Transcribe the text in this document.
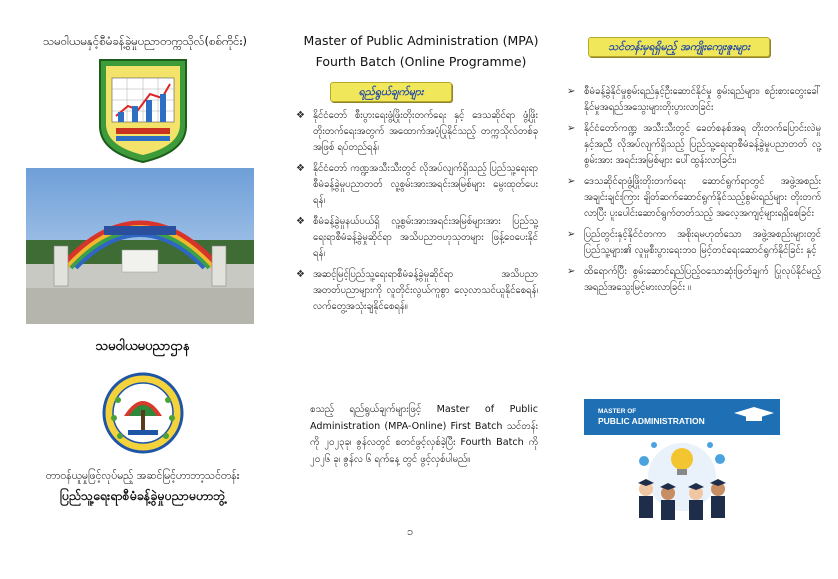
သမဝါယမနှင့်စီမံခန့်ခွဲမှုပညာတက္ကသိုလ်(စစ်ကိုင်း)
သမဝါယမပညာဌာန
တာဝန်ယူမှုဖြင့်လုပ်မည့် အဆင်မြင့်ဟာဘာ့သင်တန်း
ပြည်သူ့ရေးရာစီမံခန့်ခွဲမှုပညာမဟာဘွဲ့
Master of Public Administration (MPA)
Fourth Batch (Online Programme)
ရည်ရွယ်ချက်များ
❖ နိုင်ငံတော် စီးပွားရေးဖွံ့ဖြိုးတိုးတက်ရေး နှင့် ဒေသဆိုင်ရာ ဖွံ့ဖြိုးတိုးတက်ရေးအတွက် အထောက်အပံ့ပြုနိုင်သည့် တက္ကသိုလ်တစ်ခုအဖြစ် ရပ်တည်ရန်၊
❖ နိုင်ငံတော် ကဏ္ဍအသီးသီးတွင် လိုအပ်လျက်ရှိသည့် ပြည်သူ့ရေးရာစီမံခန့်ခွဲမှုပညာတတ် လူ့စွမ်းအားအရင်းအမြစ်များ မွေးထုတ်ပေးရန်၊
❖ စီမံခန့်ခွဲမှုနယ်ပယ်ရှိ လူ့စွမ်းအားအရင်းအမြစ်များအား ပြည်သူ့ရေးရာစီမံခန့်ခွဲမှုဆိုင်ရာ အသိပညာဗဟုသုတများ ဖြန့်ဝေပေးနိုင်ရန်၊
❖ အဆင့်မြင့်ပြည်သူ့ရေးရာစီမံခန့်ခွဲမှုဆိုင်ရာ အသိပညာ အတတ်ပညာများကို လူတိုင်းလွယ်ကူစွာ လေ့လာသင်ယူနိုင်စေရန်၊ လက်တွေ့အသုံးချနိုင်စေရန်။
စသည့် ရည်ရွယ်ချက်များဖြင့် Master of Public Administration (MPA-Online) First Batch သင်တန်းကို ၂၀၂၃ခု၊ ဇွန်လတွင် စတင်ဖွင့်လှစ်ခဲ့ပြီး Fourth Batch ကို ၂၀၂၆ ခု၊ ဇွန်လ ၆ ရက်နေ့ တွင် ဖွင့်လှစ်ပါမည်။
၁
သင်တန်းမှရရှိမည့် အကျိုးကျေးဇူးများ
➢ စီမံခန့်ခွဲနိုင်မှုစွမ်းရည်နှင့်ဦးဆောင်နိုင်မှု စွမ်းရည်များ၊ စဉ်းစားတွေးခေါ်နိုင်မှုအရည်အသွေးများတိုးပွားလာခြင်း
➢ နိုင်ငံတော်ကဏ္ဍ အသီးသီးတွင် ခေတ်စနစ်အရ တိုးတက်ပြောင်းလဲမှုနှင့်အညီ လိုအပ်လျက်ရှိသည့် ပြည်သူ့ရေးရာစီမံခန့်ခွဲမှုပညာတတ် လူ့စွမ်းအား အရင်းအမြစ်များ ပေါ်ထွန်းလာခြင်း၊
➢ ဒေသဆိုင်ရာဖွံ့ဖြိုးတိုးတက်ရေး ဆောင်ရွက်ရာတွင် အဖွဲ့အစည်းအချင်းချင်းကြား ချိတ်ဆက်ဆောင်ရွက်နိုင်သည့်စွမ်းရည်များ တိုးတက်လာပြီး ပူးပေါင်းဆောင်ရွက်တတ်သည့် အလေ့အကျင့်များရရှိစေခြင်း
➢ ပြည်တွင်းနှင့်နိုင်ငံတကာ အစိုးရမဟုတ်သော အဖွဲ့အစည်းများတွင် ပြည်သူ့များ၏ လူမှုစီးပွားရေးဘဝ မြင့်တင်ရေးဆောင်ရွက်နိုင်ခြင်း နှင့်
➢ ထိရောက်ပြီး စွမ်းဆောင်ရည်ပြည့်ဝသောဆုံးဖြတ်ချက် ပြုလုပ်နိုင်မည့်အရည်အသွေးမြင့်မားလာခြင်း ။
MASTER OF
PUBLIC ADMINISTRATION
